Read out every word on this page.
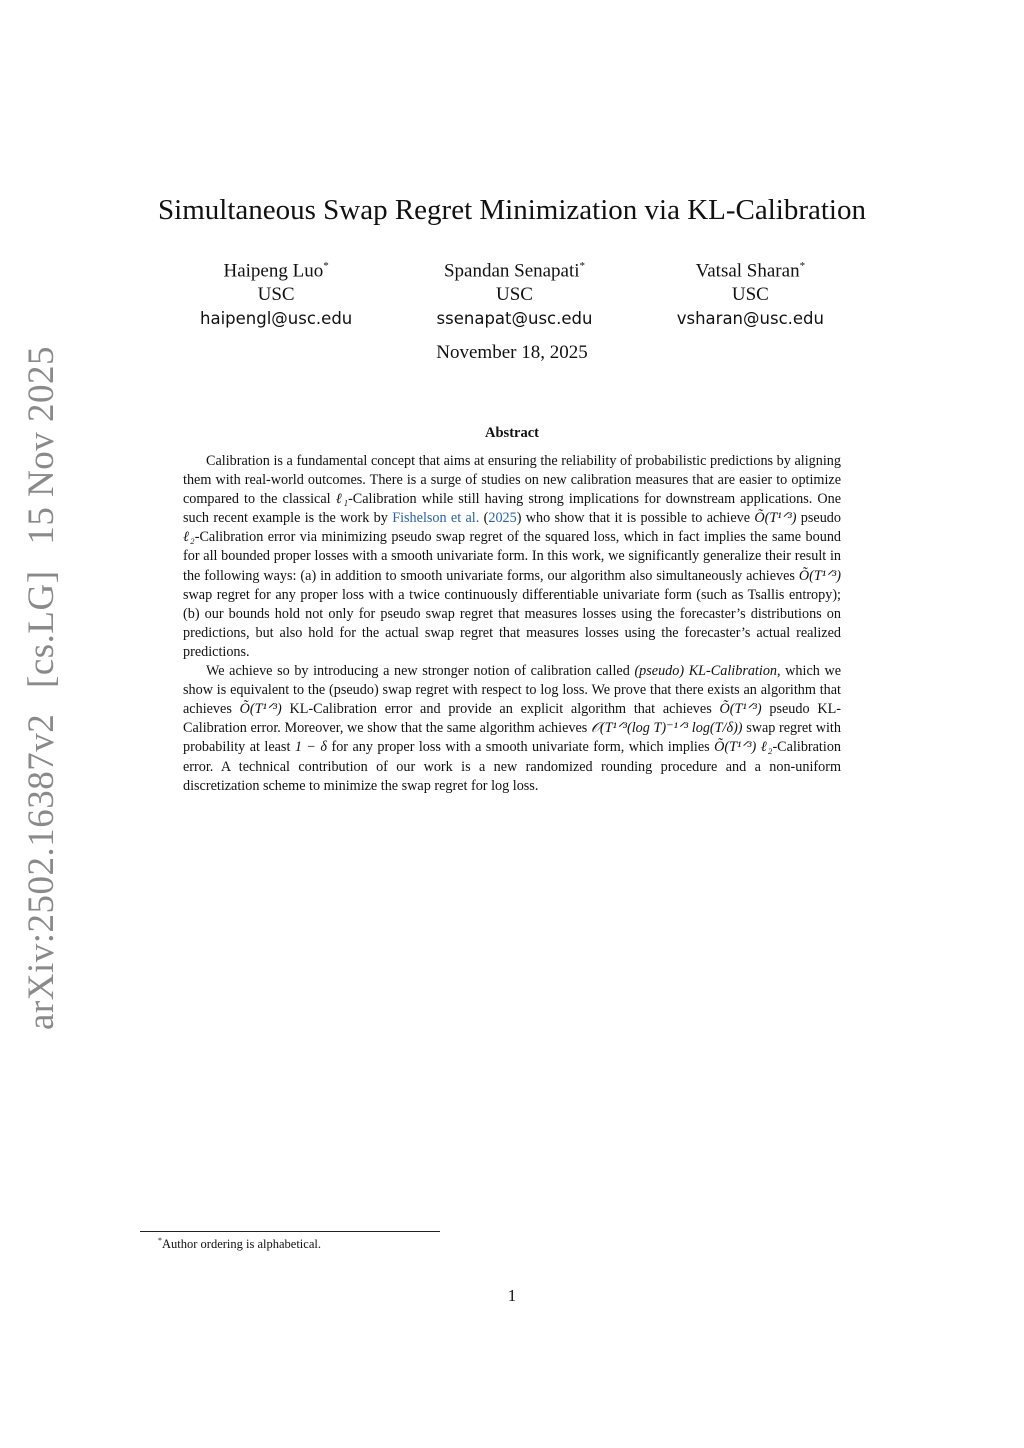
arXiv:2502.16387v2 [cs.LG] 15 Nov 2025
Simultaneous Swap Regret Minimization via KL-Calibration
Haipeng Luo*
USC
haipengl@usc.edu
Spandan Senapati*
USC
ssenapat@usc.edu
Vatsal Sharan*
USC
vsharan@usc.edu
November 18, 2025
Abstract

Calibration is a fundamental concept that aims at ensuring the reliability of probabilistic predictions by aligning them with real-world outcomes. There is a surge of studies on new calibration measures that are easier to optimize compared to the classical ℓ₁-Calibration while still having strong implications for downstream applications. One such recent example is the work by Fishelson et al. (2025) who show that it is possible to achieve Õ(T¹ᐟ³) pseudo ℓ₂-Calibration error via minimizing pseudo swap regret of the squared loss, which in fact implies the same bound for all bounded proper losses with a smooth univariate form. In this work, we significantly generalize their result in the following ways: (a) in addition to smooth univariate forms, our algorithm also simultaneously achieves Õ(T¹ᐟ³) swap regret for any proper loss with a twice continuously differentiable univariate form (such as Tsallis entropy); (b) our bounds hold not only for pseudo swap regret that measures losses using the forecaster’s distributions on predictions, but also hold for the actual swap regret that measures losses using the forecaster’s actual realized predictions.

We achieve so by introducing a new stronger notion of calibration called (pseudo) KL-Calibration, which we show is equivalent to the (pseudo) swap regret with respect to log loss. We prove that there exists an algorithm that achieves Õ(T¹ᐟ³) KL-Calibration error and provide an explicit algorithm that achieves Õ(T¹ᐟ³) pseudo KL-Calibration error. Moreover, we show that the same algorithm achieves 𝒪(T¹ᐟ³(log T)⁻¹ᐟ³ log(T/δ)) swap regret with probability at least 1 − δ for any proper loss with a smooth univariate form, which implies Õ(T¹ᐟ³) ℓ₂-Calibration error. A technical contribution of our work is a new randomized rounding procedure and a non-uniform discretization scheme to minimize the swap regret for log loss.

*Author ordering is alphabetical.
1
